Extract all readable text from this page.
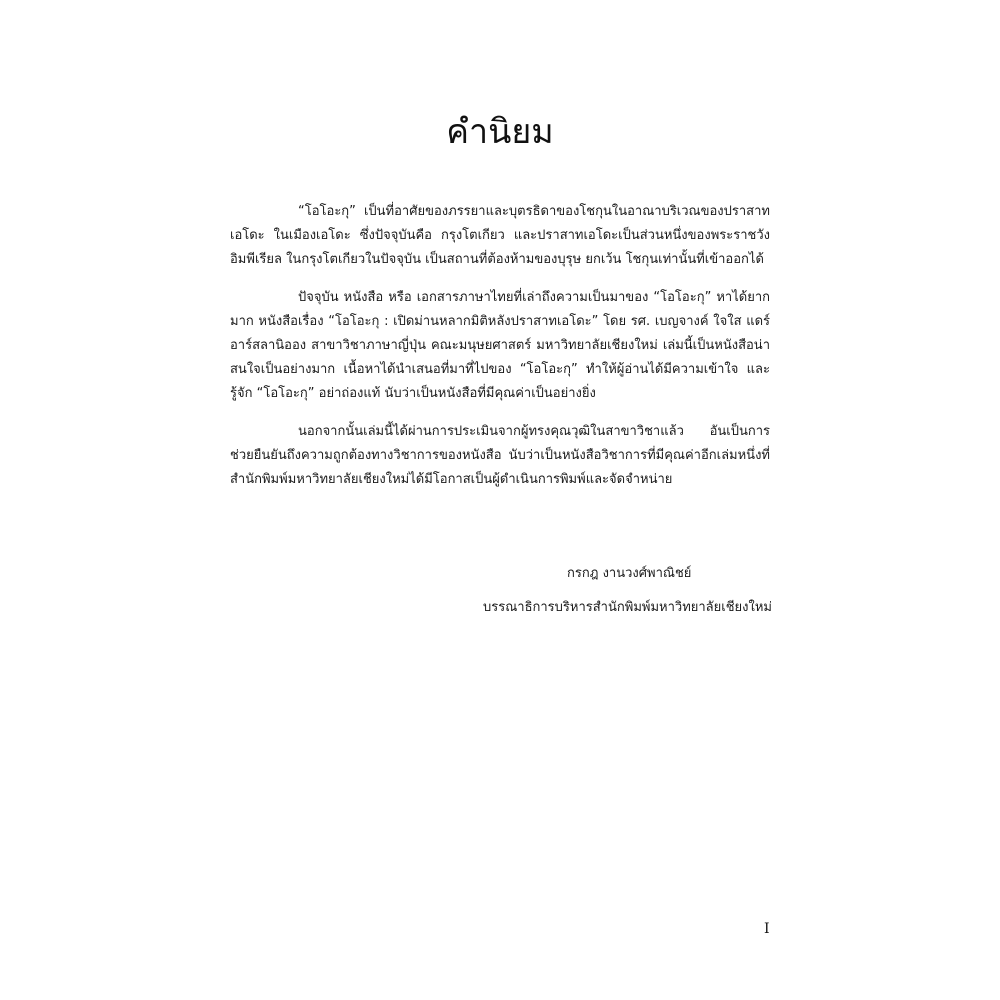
คำนิยม

“โอโอะกุ” เป็นที่อาศัยของภรรยาและบุตรธิดาของโชกุนในอาณาบริเวณของปราสาทเอโดะ ในเมืองเอโดะ ซึ่งปัจจุบันคือ กรุงโตเกียว และปราสาทเอโดะเป็นส่วนหนึ่งของพระราชวังอิมพีเรียล ในกรุงโตเกียวในปัจจุบัน เป็นสถานที่ต้องห้ามของบุรุษ ยกเว้น โชกุนเท่านั้นที่เข้าออกได้

ปัจจุบัน หนังสือ หรือ เอกสารภาษาไทยที่เล่าถึงความเป็นมาของ “โอโอะกุ” หาได้ยากมาก หนังสือเรื่อง “โอโอะกุ : เปิดม่านหลากมิติหลังปราสาทเอโดะ” โดย รศ. เบญจางค์ ใจใส แดร์อาร์สลานิออง สาขาวิชาภาษาญี่ปุ่น คณะมนุษยศาสตร์ มหาวิทยาลัยเชียงใหม่ เล่มนี้เป็นหนังสือน่าสนใจเป็นอย่างมาก เนื้อหาได้นำเสนอที่มาที่ไปของ “โอโอะกุ” ทำให้ผู้อ่านได้มีความเข้าใจ และรู้จัก “โอโอะกุ” อย่าถ่องแท้ นับว่าเป็นหนังสือที่มีคุณค่าเป็นอย่างยิ่ง

นอกจากนั้นเล่มนี้ได้ผ่านการประเมินจากผู้ทรงคุณวุฒิในสาขาวิชาแล้ว อันเป็นการช่วยยืนยันถึงความถูกต้องทางวิชาการของหนังสือ นับว่าเป็นหนังสือวิชาการที่มีคุณค่าอีกเล่มหนึ่งที่สำนักพิมพ์มหาวิทยาลัยเชียงใหม่ได้มีโอกาสเป็นผู้ดำเนินการพิมพ์และจัดจำหน่าย

กรกฎ งานวงศ์พาณิชย์

บรรณาธิการบริหารสำนักพิมพ์มหาวิทยาลัยเชียงใหม่

I
